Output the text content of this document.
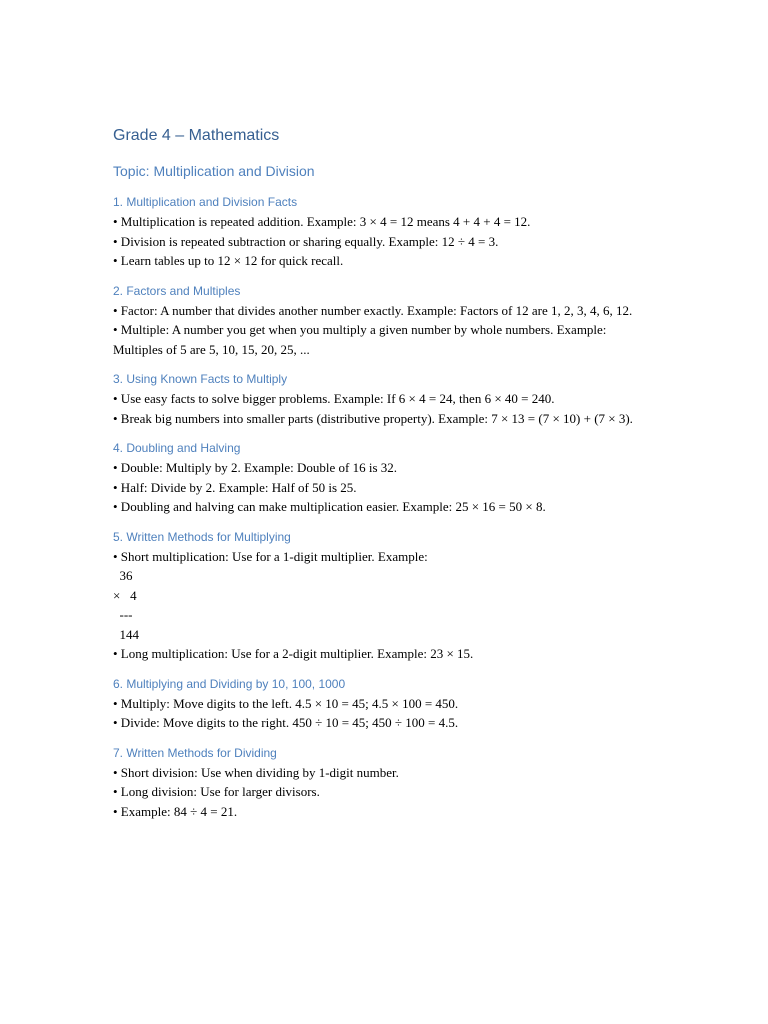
Grade 4 – Mathematics
Topic: Multiplication and Division
1. Multiplication and Division Facts
• Multiplication is repeated addition. Example: 3 × 4 = 12 means 4 + 4 + 4 = 12.
• Division is repeated subtraction or sharing equally. Example: 12 ÷ 4 = 3.
• Learn tables up to 12 × 12 for quick recall.
2. Factors and Multiples
• Factor: A number that divides another number exactly. Example: Factors of 12 are 1, 2, 3, 4, 6, 12.
• Multiple: A number you get when you multiply a given number by whole numbers. Example: Multiples of 5 are 5, 10, 15, 20, 25, ...
3. Using Known Facts to Multiply
• Use easy facts to solve bigger problems. Example: If 6 × 4 = 24, then 6 × 40 = 240.
• Break big numbers into smaller parts (distributive property). Example: 7 × 13 = (7 × 10) + (7 × 3).
4. Doubling and Halving
• Double: Multiply by 2. Example: Double of 16 is 32.
• Half: Divide by 2. Example: Half of 50 is 25.
• Doubling and halving can make multiplication easier. Example: 25 × 16 = 50 × 8.
5. Written Methods for Multiplying
• Short multiplication: Use for a 1-digit multiplier. Example:
36
×   4
---
144
• Long multiplication: Use for a 2-digit multiplier. Example: 23 × 15.
6. Multiplying and Dividing by 10, 100, 1000
• Multiply: Move digits to the left. 4.5 × 10 = 45; 4.5 × 100 = 450.
• Divide: Move digits to the right. 450 ÷ 10 = 45; 450 ÷ 100 = 4.5.
7. Written Methods for Dividing
• Short division: Use when dividing by 1-digit number.
• Long division: Use for larger divisors.
• Example: 84 ÷ 4 = 21.
